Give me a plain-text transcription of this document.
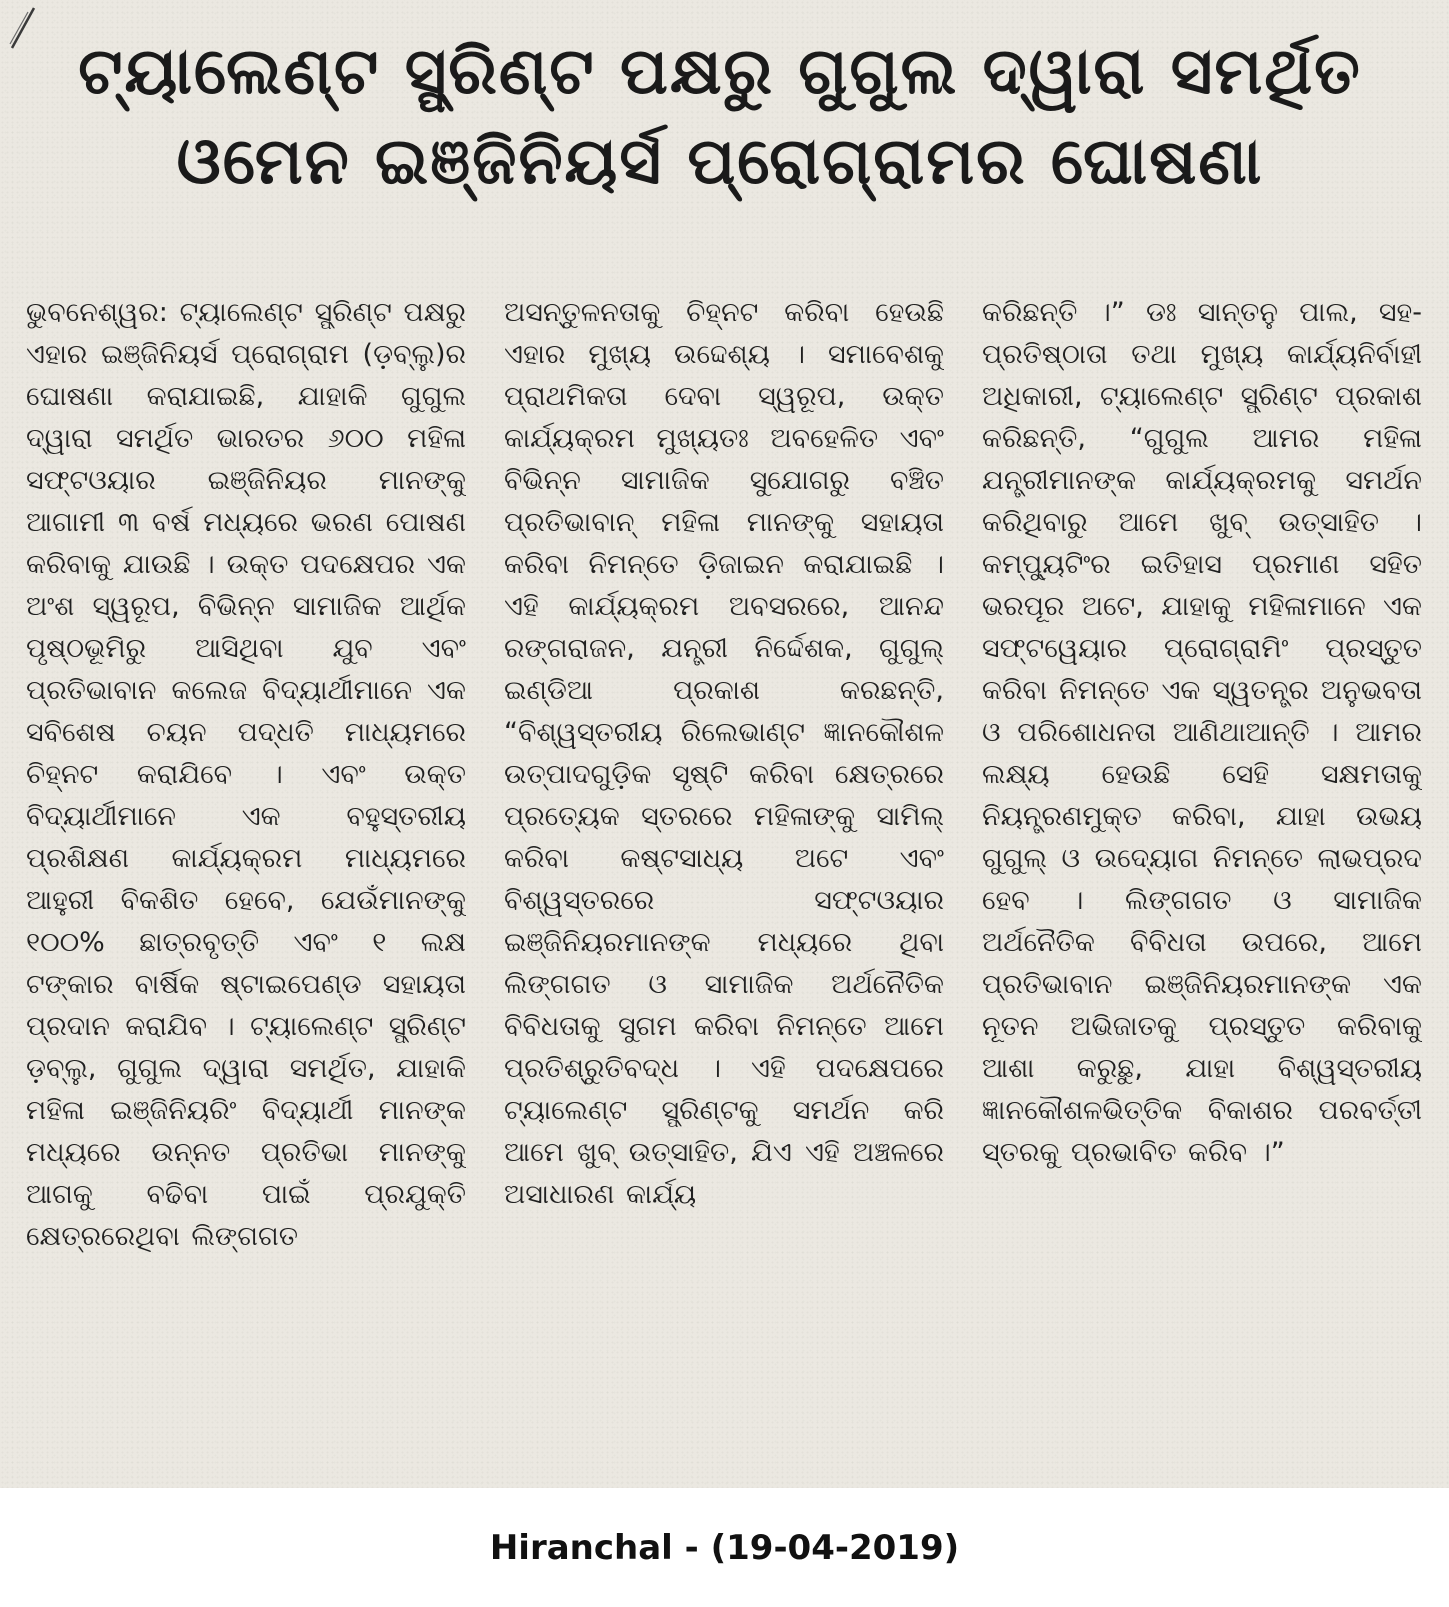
ଟ୍ୟାଲେଣ୍ଟ ସ୍ପ୍ରିଣ୍ଟ ପକ୍ଷରୁ ଗୁଗୁଲ ଦ୍ୱାରା ସମର୍ଥିତ
ଓମେନ ଇଞ୍ଜିନିୟର୍ସ ପ୍ରୋଗ୍ରାମର ଘୋଷଣା

ଭୁବନେଶ୍ୱର: ଟ୍ୟାଲେଣ୍ଟ ସ୍ପ୍ରିଣ୍ଟ ପକ୍ଷରୁ ଏହାର ଇଞ୍ଜିନିୟର୍ସ ପ୍ରୋଗ୍ରାମ (ଡ଼ବ୍ଲୁ)ର ଘୋଷଣା କରାଯାଇଛି, ଯାହାକି ଗୁଗୁଲ ଦ୍ୱାରା ସମର୍ଥିତ ଭାରତର ୬୦୦ ମହିଳା ସଫ୍ଟଓୟାର ଇଞ୍ଜିନିୟର ମାନଙ୍କୁ ଆଗାମୀ ୩ ବର୍ଷ ମଧ୍ୟରେ ଭରଣ ପୋଷଣ କରିବାକୁ ଯାଉଛି । ଉକ୍ତ ପଦକ୍ଷେପର ଏକ ଅଂଶ ସ୍ୱରୂପ, ବିଭିନ୍ନ ସାମାଜିକ ଆର୍ଥିକ ପୃଷ୍ଠଭୂମିରୁ ଆସିଥିବା ଯୁବ ଏବଂ ପ୍ରତିଭାବାନ କଲେଜ ବିଦ୍ୟାର୍ଥୀମାନେ ଏକ ସବିଶେଷ ଚୟନ ପଦ୍ଧତି ମାଧ୍ୟମରେ ଚିହ୍ନଟ କରାଯିବେ । ଏବଂ ଉକ୍ତ ବିଦ୍ୟାର୍ଥୀମାନେ ଏକ ବହୁସ୍ତରୀୟ ପ୍ରଶିକ୍ଷଣ କାର୍ଯ୍ୟକ୍ରମ ମାଧ୍ୟମରେ ଆହୁରୀ ବିକଶିତ ହେବେ, ଯେଉଁମାନଙ୍କୁ ୧୦୦% ଛାତ୍ରବୃତ୍ତି ଏବଂ ୧ ଲକ୍ଷ ଟଙ୍କାର ବାର୍ଷିକ ଷ୍ଟାଇପେଣ୍ଡ ସହାୟତା ପ୍ରଦାନ କରାଯିବ । ଟ୍ୟାଲେଣ୍ଟ ସ୍ପ୍ରିଣ୍ଟ ଡ଼ବ୍ଲୁ, ଗୁଗୁଲ ଦ୍ୱାରା ସମର୍ଥିତ, ଯାହାକି ମହିଳା ଇଞ୍ଜିନିୟରିଂ ବିଦ୍ୟାର୍ଥୀ ମାନଙ୍କ ମଧ୍ୟରେ ଉନ୍ନତ ପ୍ରତିଭା ମାନଙ୍କୁ ଆଗକୁ ବଢିବା ପାଇଁ ପ୍ରଯୁକ୍ତି କ୍ଷେତ୍ରରେଥିବା ଲିଙ୍ଗଗତ

ଅସନ୍ତୁଳନତାକୁ ଚିହ୍ନଟ କରିବା ହେଉଛି ଏହାର ମୁଖ୍ୟ ଉଦ୍ଦେଶ୍ୟ । ସମାବେଶକୁ ପ୍ରାଥମିକତା ଦେବା ସ୍ୱରୂପ, ଉକ୍ତ କାର୍ଯ୍ୟକ୍ରମ ମୁଖ୍ୟତଃ ଅବହେଳିତ ଏବଂ ବିଭିନ୍ନ ସାମାଜିକ ସୁଯୋଗରୁ ବଞ୍ଚିତ ପ୍ରତିଭାବାନ୍ ମହିଳା ମାନଙ୍କୁ ସହାୟତା କରିବା ନିମନ୍ତେ ଡ଼ିଜାଇନ କରାଯାଇଛି । ଏହି କାର୍ଯ୍ୟକ୍ରମ ଅବସରରେ, ଆନନ୍ଦ ରଙ୍ଗରାଜନ, ଯନ୍ତ୍ରୀ ନିର୍ଦ୍ଦେଶକ, ଗୁଗୁଲ୍ ଇଣ୍ଡିଆ ପ୍ରକାଶ କରଛନ୍ତି, “ବିଶ୍ୱସ୍ତରୀୟ ରିଲେଭାଣ୍ଟ ଜ୍ଞାନକୌଶଳ ଉତ୍ପାଦଗୁଡ଼ିକ ସୃଷ୍ଟି କରିବା କ୍ଷେତ୍ରରେ ପ୍ରତ୍ୟେକ ସ୍ତରରେ ମହିଳାଙ୍କୁ ସାମିଲ୍ କରିବା କଷ୍ଟସାଧ୍ୟ ଅଟେ ଏବଂ ବିଶ୍ୱସ୍ତରରେ ସଫ୍ଟଓୟାର ଇଞ୍ଜିନିୟରମାନଙ୍କ ମଧ୍ୟରେ ଥିବା ଲିଙ୍ଗଗତ ଓ ସାମାଜିକ ଅର୍ଥନୈତିକ ବିବିଧତାକୁ ସୁଗମ କରିବା ନିମନ୍ତେ ଆମେ ପ୍ରତିଶ୍ରୁତିବଦ୍ଧ । ଏହି ପଦକ୍ଷେପରେ ଟ୍ୟାଲେଣ୍ଟ ସ୍ପ୍ରିଣ୍ଟକୁ ସମର୍ଥନ କରି ଆମେ ଖୁବ୍ ଉତ୍ସାହିତ, ଯିଏ ଏହି ଅଞ୍ଚଳରେ ଅସାଧାରଣ କାର୍ଯ୍ୟ

କରିଛନ୍ତି ।” ଡଃ ସାନ୍ତନୁ ପାଲ, ସହ-ପ୍ରତିଷ୍ଠାତା ତଥା ମୁଖ୍ୟ କାର୍ଯ୍ୟନିର୍ବାହୀ ଅଧିକାରୀ, ଟ୍ୟାଲେଣ୍ଟ ସ୍ପ୍ରିଣ୍ଟ ପ୍ରକାଶ କରିଛନ୍ତି, “ଗୁଗୁଲ ଆମର ମହିଳା ଯନ୍ତ୍ରୀମାନଙ୍କ କାର୍ଯ୍ୟକ୍ରମକୁ ସମର୍ଥନ କରିଥିବାରୁ ଆମେ ଖୁବ୍ ଉତ୍ସାହିତ । କମ୍ପ୍ୟୁଟିଂର ଇତିହାସ ପ୍ରମାଣ ସହିତ ଭରପୂର ଅଟେ, ଯାହାକୁ ମହିଳାମାନେ ଏକ ସଫ୍ଟୱେୟାର ପ୍ରୋଗ୍ରାମିଂ ପ୍ରସ୍ତୁତ କରିବା ନିମନ୍ତେ ଏକ ସ୍ୱତନ୍ତ୍ର ଅନୁଭବତା ଓ ପରିଶୋଧନତା ଆଣିଥାଆନ୍ତି । ଆମର ଲକ୍ଷ୍ୟ ହେଉଛି ସେହି ସକ୍ଷମତାକୁ ନିୟନ୍ତ୍ରଣମୁକ୍ତ କରିବା, ଯାହା ଉଭୟ ଗୁଗୁଲ୍ ଓ ଉଦ୍ୟୋଗ ନିମନ୍ତେ ଲାଭପ୍ରଦ ହେବ । ଲିଙ୍ଗଗତ ଓ ସାମାଜିକ ଅର୍ଥନୈତିକ ବିବିଧତା ଉପରେ, ଆମେ ପ୍ରତିଭାବାନ ଇଞ୍ଜିନିୟରମାନଙ୍କ ଏକ ନୂତନ ଅଭିଜାତକୁ ପ୍ରସ୍ତୁତ କରିବାକୁ ଆଶା କରୁଛୁ, ଯାହା ବିଶ୍ୱସ୍ତରୀୟ ଜ୍ଞାନକୌଶଳଭିତ୍ତିକ ବିକାଶର ପରବର୍ତ୍ତୀ ସ୍ତରକୁ ପ୍ରଭାବିତ କରିବ ।”

Hiranchal - (19-04-2019)
